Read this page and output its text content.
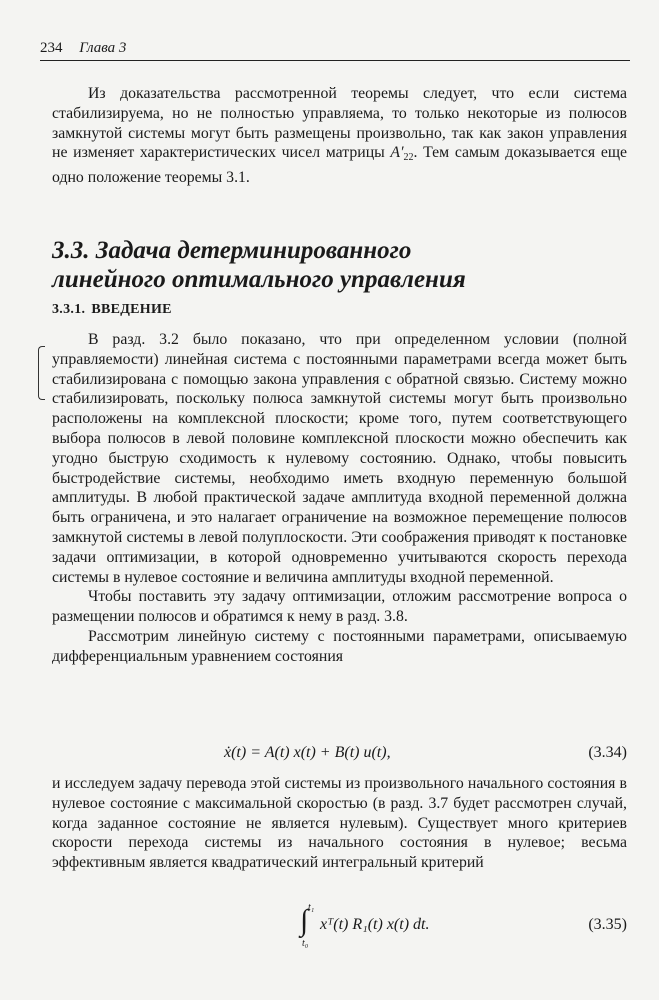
234 Глава 3

Из доказательства рассмотренной теоремы следует, что если система стабилизируема, но не полностью управляема, то только некоторые из полюсов замкнутой системы могут быть размещены произвольно, так как закон управления не изменяет характеристических чисел матрицы $A'_{22}$. Тем самым доказывается еще одно положение теоремы 3.1.

3.3. Задача детерминированного
линейного оптимального управления
3.3.1. ВВЕДЕНИЕ

В разд. 3.2 было показано, что при определенном условии (полной управляемости) линейная система с постоянными параметрами всегда может быть стабилизирована с помощью закона управления с обратной связью. Систему можно стабилизировать, поскольку полюса замкнутой системы могут быть произвольно расположены на комплексной плоскости; кроме того, путем соответствующего выбора полюсов в левой половине комплексной плоскости можно обеспечить как угодно быструю сходимость к нулевому состоянию. Однако, чтобы повысить быстродействие системы, необходимо иметь входную переменную большой амплитуды. В любой практической задаче амплитуда входной переменной должна быть ограничена, и это налагает ограничение на возможное перемещение полюсов замкнутой системы в левой полуплоскости. Эти соображения приводят к постановке задачи оптимизации, в которой одновременно учитываются скорость перехода системы в нулевое состояние и величина амплитуды входной переменной.

Чтобы поставить эту задачу оптимизации, отложим рассмотрение вопроса о размещении полюсов и обратимся к нему в разд. 3.8.

Рассмотрим линейную систему с постоянными параметрами, описываемую дифференциальным уравнением состояния

ẋ(t) = A(t) x(t) + B(t) u(t),	(3.34)

и исследуем задачу перевода этой системы из произвольного начального состояния в нулевое состояние с максимальной скоростью (в разд. 3.7 будет рассмотрен случай, когда заданное состояние не является нулевым). Существует много критериев скорости перехода системы из начального состояния в нулевое; весьма эффективным является квадратический интегральный критерий

∫ t₁
t₀
xᵀ(t) R₁(t) x(t) dt.	(3.35)
